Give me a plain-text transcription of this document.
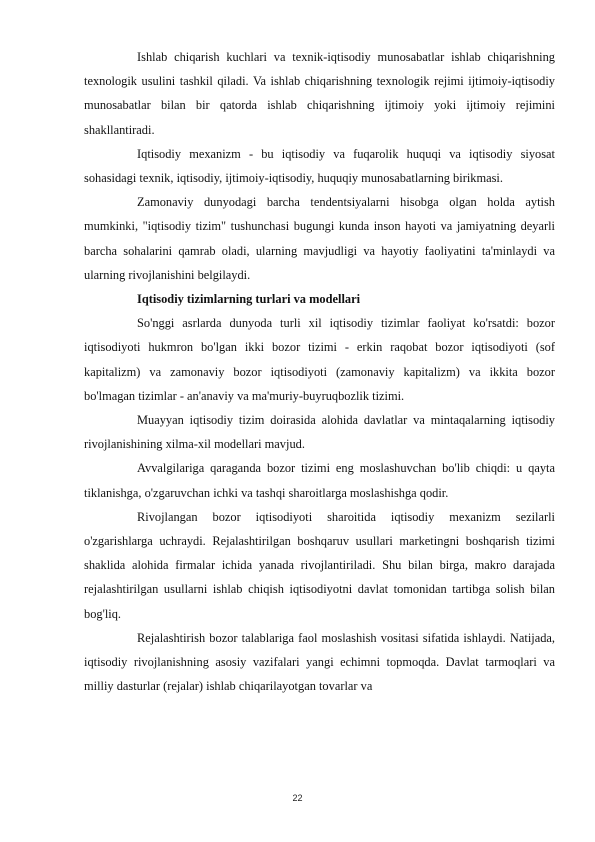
Ishlab chiqarish kuchlari va texnik-iqtisodiy munosabatlar ishlab chiqarishning texnologik usulini tashkil qiladi. Va ishlab chiqarishning texnologik rejimi ijtimoiy-iqtisodiy munosabatlar bilan bir qatorda ishlab chiqarishning ijtimoiy yoki ijtimoiy rejimini shakllantiradi.

Iqtisodiy mexanizm - bu iqtisodiy va fuqarolik huquqi va iqtisodiy siyosat sohasidagi texnik, iqtisodiy, ijtimoiy-iqtisodiy, huquqiy munosabatlarning birikmasi.

Zamonaviy dunyodagi barcha tendentsiyalarni hisobga olgan holda aytish mumkinki, "iqtisodiy tizim" tushunchasi bugungi kunda inson hayoti va jamiyatning deyarli barcha sohalarini qamrab oladi, ularning mavjudligi va hayotiy faoliyatini ta'minlaydi va ularning rivojlanishini belgilaydi.

Iqtisodiy tizimlarning turlari va modellari

So'nggi asrlarda dunyoda turli xil iqtisodiy tizimlar faoliyat ko'rsatdi: bozor iqtisodiyoti hukmron bo'lgan ikki bozor tizimi - erkin raqobat bozor iqtisodiyoti (sof kapitalizm) va zamonaviy bozor iqtisodiyoti (zamonaviy kapitalizm) va ikkita bozor bo'lmagan tizimlar - an'anaviy va ma'muriy-buyruqbozlik tizimi.

Muayyan iqtisodiy tizim doirasida alohida davlatlar va mintaqalarning iqtisodiy rivojlanishining xilma-xil modellari mavjud.

Avvalgilariga qaraganda bozor tizimi eng moslashuvchan bo'lib chiqdi: u qayta tiklanishga, o'zgaruvchan ichki va tashqi sharoitlarga moslashishga qodir.

Rivojlangan bozor iqtisodiyoti sharoitida iqtisodiy mexanizm sezilarli o'zgarishlarga uchraydi. Rejalashtirilgan boshqaruv usullari marketingni boshqarish tizimi shaklida alohida firmalar ichida yanada rivojlantiriladi. Shu bilan birga, makro darajada rejalashtirilgan usullarni ishlab chiqish iqtisodiyotni davlat tomonidan tartibga solish bilan bog'liq.

Rejalashtirish bozor talablariga faol moslashish vositasi sifatida ishlaydi. Natijada, iqtisodiy rivojlanishning asosiy vazifalari yangi echimni topmoqda. Davlat tarmoqlari va milliy dasturlar (rejalar) ishlab chiqarilayotgan tovarlar va

22
